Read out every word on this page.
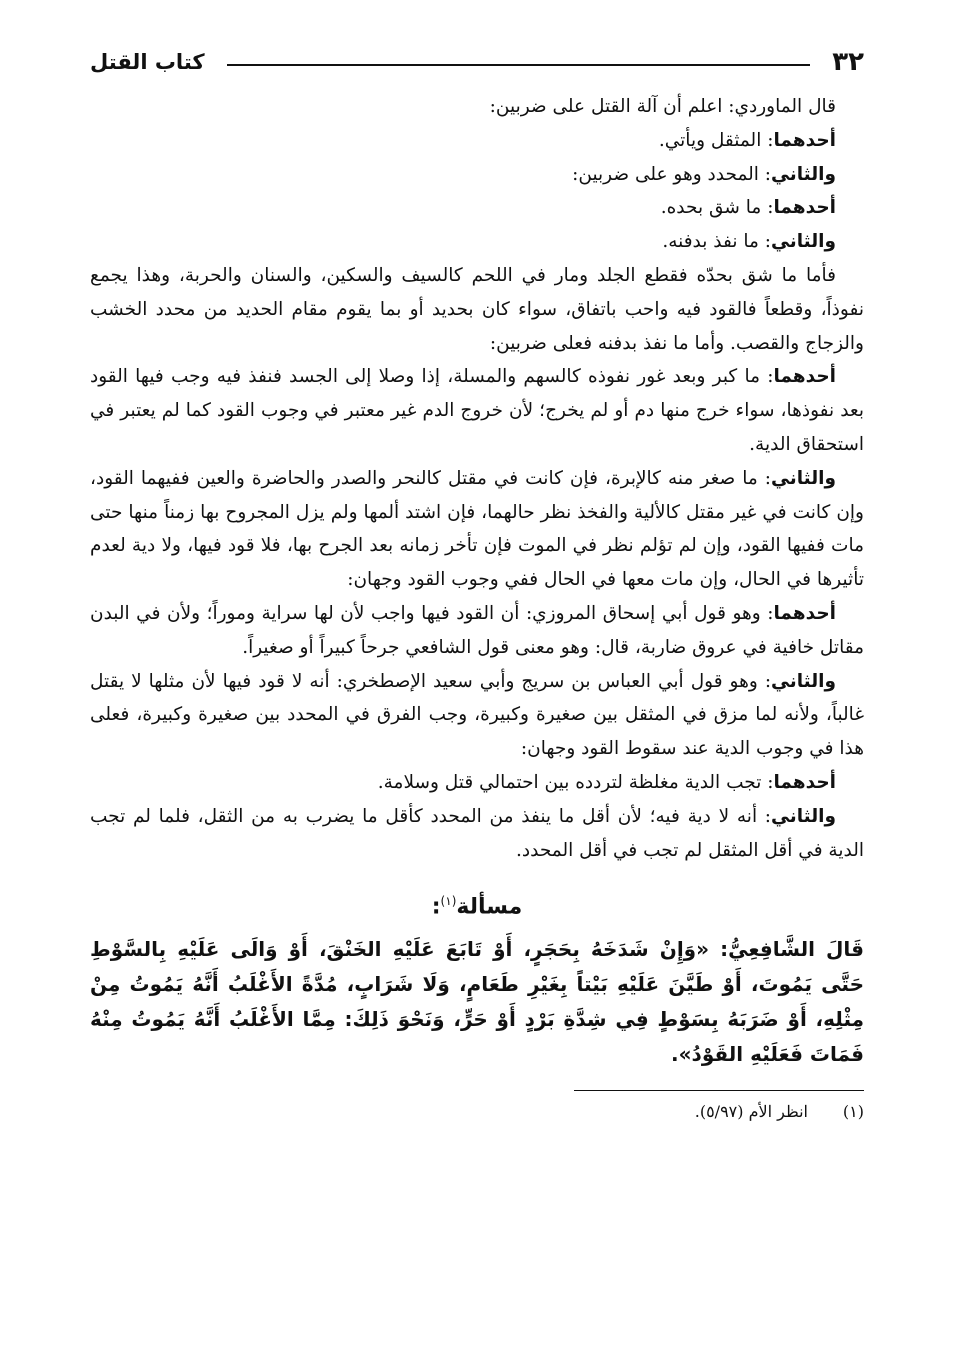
٣٢
كتاب القتل

قال الماوردي: اعلم أن آلة القتل على ضربين:

أحدهما: المثقل ويأتي.

والثاني: المحدد وهو على ضربين:

أحدهما: ما شق بحده.

والثاني: ما نفذ بدفنه.

فأما ما شق بحدّه فقطع الجلد ومار في اللحم كالسيف والسكين، والسنان والحربة، وهذا يجمع نفوذاً، وقطعاً فالقود فيه واحب باتفاق، سواء كان بحديد أو بما يقوم مقام الحديد من محدد الخشب والزجاج والقصب. وأما ما نفذ بدفنه فعلى ضربين:

أحدهما: ما كبر وبعد غور نفوذه كالسهم والمسلة، إذا وصلا إلى الجسد فنفذ فيه وجب فيها القود بعد نفوذها، سواء خرج منها دم أو لم يخرج؛ لأن خروج الدم غير معتبر في وجوب القود كما لم يعتبر في استحقاق الدية.

والثاني: ما صغر منه كالإبرة، فإن كانت في مقتل كالنحر والصدر والحاضرة والعين ففيهما القود، وإن كانت في غير مقتل كالألية والفخذ نظر حالهما، فإن اشتد ألمها ولم يزل المجروح بها زمناً منها حتى مات ففيها القود، وإن لم تؤلم نظر في الموت فإن تأخر زمانه بعد الجرح بها، فلا قود فيها، ولا دية لعدم تأثيرها في الحال، وإن مات معها في الحال ففي وجوب القود وجهان:

أحدهما: وهو قول أبي إسحاق المروزي: أن القود فيها واجب لأن لها سراية وموراً؛ ولأن في البدن مقاتل خافية في عروق ضاربة، قال: وهو معنى قول الشافعي جرحاً كبيراً أو صغيراً.

والثاني: وهو قول أبي العباس بن سريج وأبي سعيد الإصطخري: أنه لا قود فيها لأن مثلها لا يقتل غالباً، ولأنه لما مزق في المثقل بين صغيرة وكبيرة، وجب الفرق في المحدد بين صغيرة وكبيرة، فعلى هذا في وجوب الدية عند سقوط القود وجهان:

أحدهما: تجب الدية مغلظة لتردده بين احتمالي قتل وسلامة.

والثاني: أنه لا دية فيه؛ لأن أقل ما ينفذ من المحدد كأقل ما يضرب به من الثقل، فلما لم تجب الدية في أقل المثقل لم تجب في أقل المحدد.

مسألة$^{(١)}$:

قَالَ الشَّافِعِيُّ: «وَإِنْ شَدَخَهُ بِحَجَرٍ، أَوْ تَابَعَ عَلَيْهِ الخَنْقَ، أَوْ وَالَى عَلَيْهِ بِالسَّوْطِ حَتَّى يَمُوتَ، أَوْ طَيَّنَ عَلَيْهِ بَيْتاً بِغَيْرِ طَعَامٍ، وَلَا شَرَابٍ، مُدَّةً الأَغْلَبُ أَنَّهُ يَمُوتُ مِنْ مِثْلِهِ، أَوْ ضَرَبَهُ بِسَوْطٍ فِي شِدَّةِ بَرْدٍ أَوْ حَرٍّ، وَنَحْوَ ذَلِكَ: مِمَّا الأَغْلَبُ أَنَّهُ يَمُوتُ مِنْهُ فَمَاتَ فَعَلَيْهِ القَوْدُ».

(١)انظر الأم (٥/٩٧).
